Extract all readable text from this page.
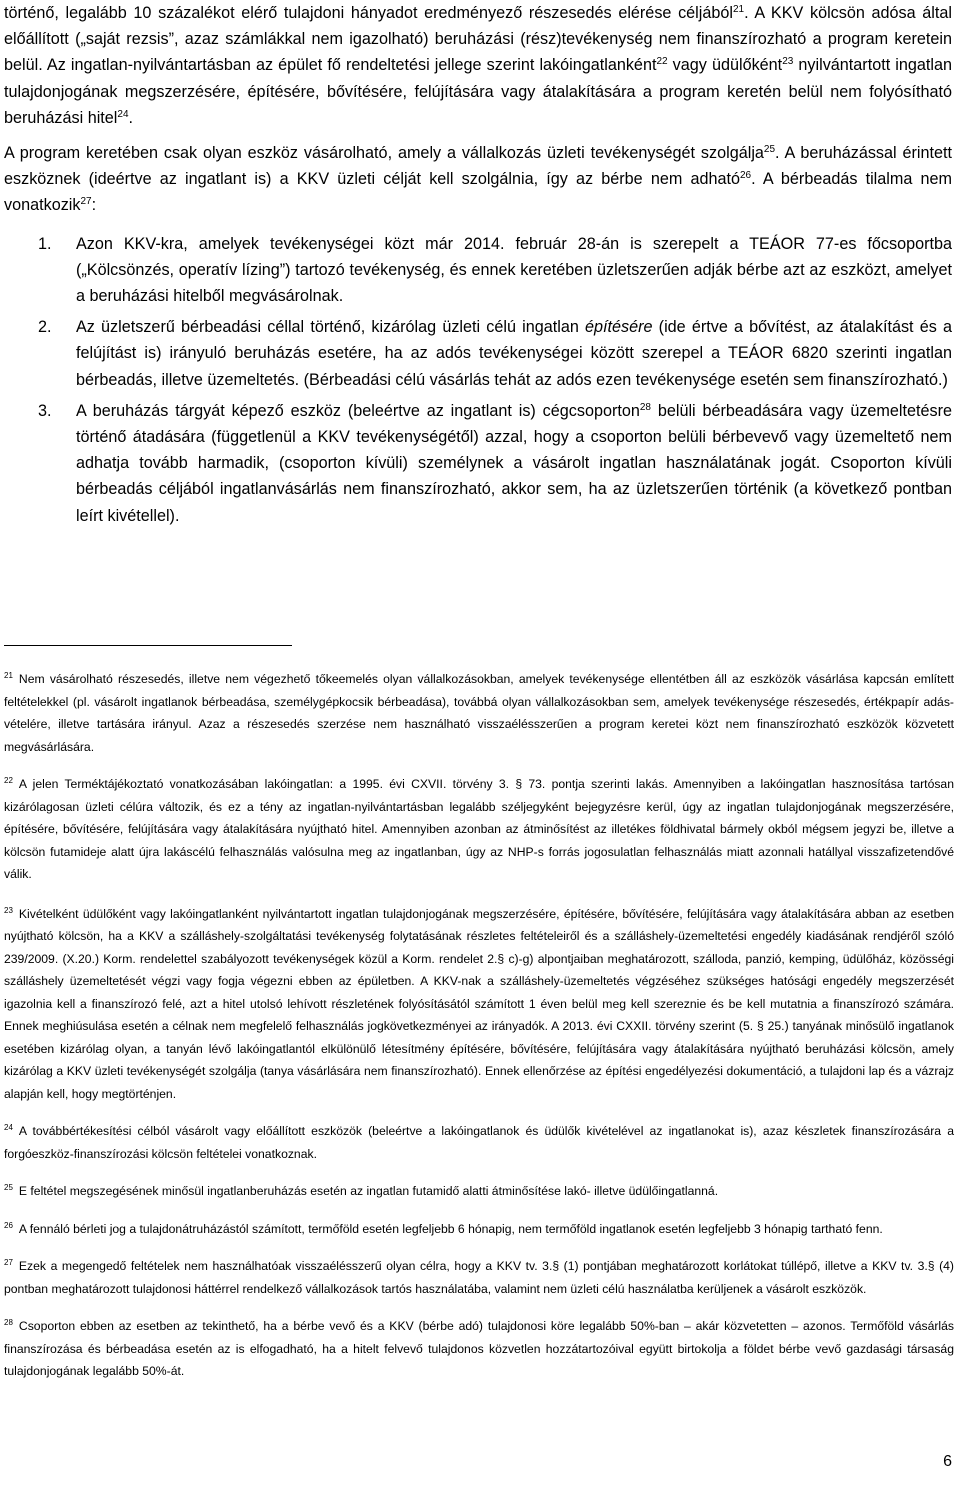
történő, legalább 10 százalékot elérő tulajdoni hányadot eredményező részesedés elérése céljából$^{21}$. A KKV kölcsön adósa által előállított („saját rezsis”, azaz számlákkal nem igazolható) beruházási (rész)tevékenység nem finanszírozható a program keretein belül. Az ingatlan-nyilvántartásban az épület fő rendeltetési jellege szerint lakóingatlanként$^{22}$ vagy üdülőként$^{23}$ nyilvántartott ingatlan tulajdonjogának megszerzésére, építésére, bővítésére, felújítására vagy átalakítására a program keretén belül nem folyósítható beruházási hitel$^{24}$.

A program keretében csak olyan eszköz vásárolható, amely a vállalkozás üzleti tevékenységét szolgálja$^{25}$. A beruházással érintett eszköznek (ideértve az ingatlant is) a KKV üzleti célját kell szolgálnia, így az bérbe nem adható$^{26}$. A bérbeadás tilalma nem vonatkozik$^{27}$:

1. Azon KKV-kra, amelyek tevékenységei közt már 2014. február 28-án is szerepelt a TEÁOR 77-es főcsoportba („Kölcsönzés, operatív lízing”) tartozó tevékenység, és ennek keretében üzletszerűen adják bérbe azt az eszközt, amelyet a beruházási hitelből megvásárolnak.
2. Az üzletszerű bérbeadási céllal történő, kizárólag üzleti célú ingatlan építésére (ide értve a bővítést, az átalakítást és a felújítást is) irányuló beruházás esetére, ha az adós tevékenységei között szerepel a TEÁOR 6820 szerinti ingatlan bérbeadás, illetve üzemeltetés. (Bérbeadási célú vásárlás tehát az adós ezen tevékenysége esetén sem finanszírozható.)
3. A beruházás tárgyát képező eszköz (beleértve az ingatlant is) cégcsoporton$^{28}$ belüli bérbeadására vagy üzemeltetésre történő átadására (függetlenül a KKV tevékenységétől) azzal, hogy a csoporton belüli bérbevevő vagy üzemeltető nem adhatja tovább harmadik, (csoporton kívüli) személynek a vásárolt ingatlan használatának jogát. Csoporton kívüli bérbeadás céljából ingatlanvásárlás nem finanszírozható, akkor sem, ha az üzletszerűen történik (a következő pontban leírt kivétellel).

$^{21}$ Nem vásárolható részesedés, illetve nem végezhető tőkeemelés olyan vállalkozásokban, amelyek tevékenysége ellentétben áll az eszközök vásárlása kapcsán említett feltételekkel (pl. vásárolt ingatlanok bérbeadása, személygépkocsik bérbeadása), továbbá olyan vállalkozásokban sem, amelyek tevékenysége részesedés, értékpapír adás-vételére, illetve tartására irányul. Azaz a részesedés szerzése nem használható visszaélésszerűen a program keretei közt nem finanszírozható eszközök közvetett megvásárlására.

$^{22}$ A jelen Terméktájékoztató vonatkozásában lakóingatlan: a 1995. évi CXVII. törvény 3. § 73. pontja szerinti lakás. Amennyiben a lakóingatlan hasznosítása tartósan kizárólagosan üzleti célúra változik, és ez a tény az ingatlan-nyilvántartásban legalább széljegyként bejegyzésre kerül, úgy az ingatlan tulajdonjogának megszerzésére, építésére, bővítésére, felújítására vagy átalakítására nyújtható hitel. Amennyiben azonban az átminősítést az illetékes földhivatal bármely okból mégsem jegyzi be, illetve a kölcsön futamideje alatt újra lakáscélú felhasználás valósulna meg az ingatlanban, úgy az NHP-s forrás jogosulatlan felhasználás miatt azonnali hatállyal visszafizetendővé válik.

$^{23}$ Kivételként üdülőként vagy lakóingatlanként nyilvántartott ingatlan tulajdonjogának megszerzésére, építésére, bővítésére, felújítására vagy átalakítására abban az esetben nyújtható kölcsön, ha a KKV a szálláshely-szolgáltatási tevékenység folytatásának részletes feltételeiről és a szálláshely-üzemeltetési engedély kiadásának rendjéről szóló 239/2009. (X.20.) Korm. rendelettel szabályozott tevékenységek közül a Korm. rendelet 2.§ c)-g) alpontjaiban meghatározott, szálloda, panzió, kemping, üdülőház, közösségi szálláshely üzemeltetését végzi vagy fogja végezni ebben az épületben. A KKV-nak a szálláshely-üzemeltetés végzéséhez szükséges hatósági engedély megszerzését igazolnia kell a finanszírozó felé, azt a hitel utolsó lehívott részletének folyósításától számított 1 éven belül meg kell szereznie és be kell mutatnia a finanszírozó számára. Ennek meghiúsulása esetén a célnak nem megfelelő felhasználás jogkövetkezményei az irányadók. A 2013. évi CXXII. törvény szerint (5. § 25.) tanyának minősülő ingatlanok esetében kizárólag olyan, a tanyán lévő lakóingatlantól elkülönülő létesítmény építésére, bővítésére, felújítására vagy átalakítására nyújtható beruházási kölcsön, amely kizárólag a KKV üzleti tevékenységét szolgálja (tanya vásárlására nem finanszírozható). Ennek ellenőrzése az építési engedélyezési dokumentáció, a tulajdoni lap és a vázrajz alapján kell, hogy megtörténjen.

$^{24}$ A továbbértékesítési célból vásárolt vagy előállított eszközök (beleértve a lakóingatlanok és üdülők kivételével az ingatlanokat is), azaz készletek finanszírozására a forgóeszköz-finanszírozási kölcsön feltételei vonatkoznak.

$^{25}$ E feltétel megszegésének minősül ingatlanberuházás esetén az ingatlan futamidő alatti átminősítése lakó- illetve üdülőingatlanná.

$^{26}$ A fennáló bérleti jog a tulajdonátruházástól számított, termőföld esetén legfeljebb 6 hónapig, nem termőföld ingatlanok esetén legfeljebb 3 hónapig tartható fenn.

$^{27}$ Ezek a megengedő feltételek nem használhatóak visszaélésszerű olyan célra, hogy a KKV tv. 3.§ (1) pontjában meghatározott korlátokat túllépő, illetve a KKV tv. 3.§ (4) pontban meghatározott tulajdonosi háttérrel rendelkező vállalkozások tartós használatába, valamint nem üzleti célú használatba kerüljenek a vásárolt eszközök.

$^{28}$ Csoporton ebben az esetben az tekinthető, ha a bérbe vevő és a KKV (bérbe adó) tulajdonosi köre legalább 50%-ban – akár közvetetten – azonos. Termőföld vásárlás finanszírozása és bérbeadása esetén az is elfogadható, ha a hitelt felvevő tulajdonos közvetlen hozzátartozóival együtt birtokolja a földet bérbe vevő gazdasági társaság tulajdonjogának legalább 50%-át.

6
